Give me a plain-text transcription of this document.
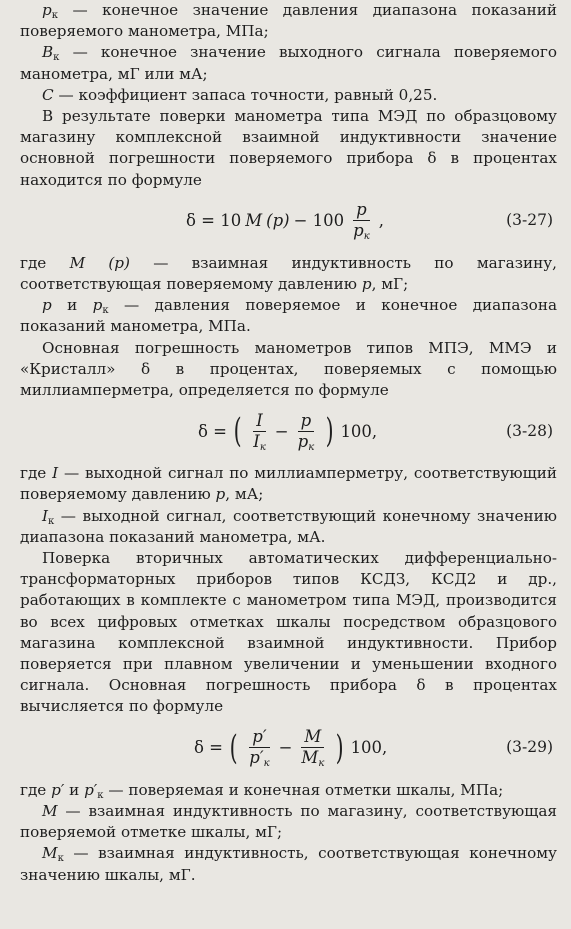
$p_к$ — конечное значение давления диапазона показаний поверяемого манометра, МПа;

$B_к$ — конечное значение выходного сигнала поверяемого манометра, мГ или мА;

C — коэффициент запаса точности, равный 0,25.

В результате поверки манометра типа МЭД по образцовому магазину комплексной взаимной индуктивности значение основной погрешности поверяемого прибора δ в процентах находится по формуле

δ = 10 M $(p) - 100 \frac{p}{p_к}$ ,	(3-27)

где M (p) — взаимная индуктивность по магазину, соответствующая поверяемому давлению p, мГ;

p и $p_к$ — давления поверяемое и конечное диапазона показаний манометра, МПа.

Основная погрешность манометров типов МПЭ, ММЭ и «Кристалл» δ в процентах, поверяемых с помощью миллиамперметра, определяется по формуле

δ = ( $\frac{I}{I_к} - \frac{p}{p_к}$ ) 100,	(3-28)

где I — выходной сигнал по миллиамперметру, соответствующий поверяемому давлению p, мА;

$I_к$ — выходной сигнал, соответствующий конечному значению диапазона показаний манометра, мА.

Поверка вторичных автоматических дифференциально-трансформаторных приборов типов КСДЗ, КСД2 и др., работающих в комплекте с манометром типа МЭД, производится во всех цифровых отметках шкалы посредством образцового магазина комплексной взаимной индуктивности. Прибор поверяется при плавном увеличении и уменьшении входного сигнала. Основная погрешность прибора δ в процентах вычисляется по формуле

δ = ( $\frac{p'}{p'_к} - \frac{M}{M_к}$ ) 100,	(3-29)

где p′ и $p'_к$ — поверяемая и конечная отметки шкалы, МПа;

M — взаимная индуктивность по магазину, соответствующая поверяемой отметке шкалы, мГ;

$M_к$ — взаимная индуктивность, соответствующая конечному значению шкалы, мГ.
